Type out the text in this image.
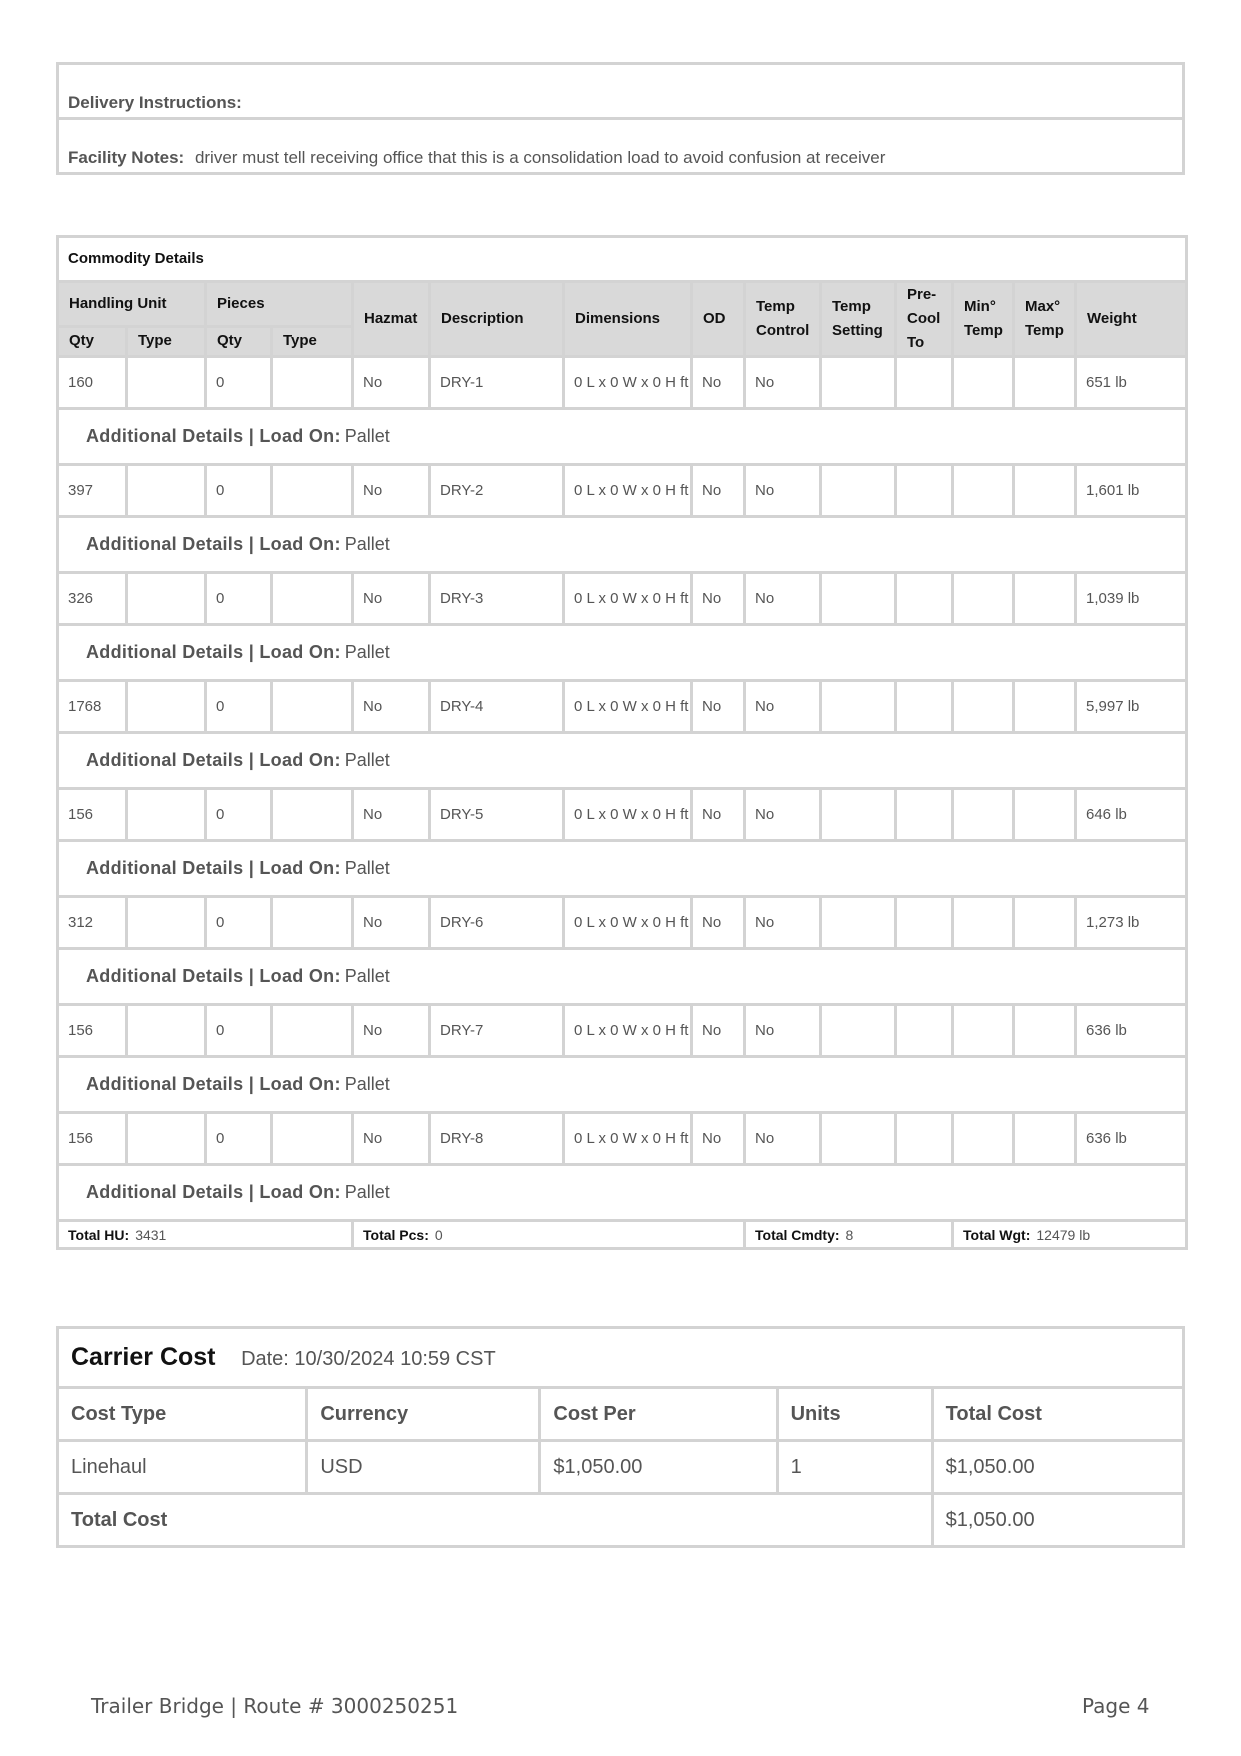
Delivery Instructions:
Facility Notes: driver must tell receiving office that this is a consolidation load to avoid confusion at receiver
Commodity Details													
Handling Unit		Pieces		Hazmat	Description	Dimensions	OD	Temp Control	Temp Setting	Pre-Cool To	Min° Temp	Max° Temp	Weight
Qty	Type	Qty	Type										
160		0		No	DRY-1	0 L x 0 W x 0 H ft	No	No					651 lb
Additional Details | Load On: Pallet													
397		0		No	DRY-2	0 L x 0 W x 0 H ft	No	No					1,601 lb
Additional Details | Load On: Pallet													
326		0		No	DRY-3	0 L x 0 W x 0 H ft	No	No					1,039 lb
Additional Details | Load On: Pallet													
1768		0		No	DRY-4	0 L x 0 W x 0 H ft	No	No					5,997 lb
Additional Details | Load On: Pallet													
156		0		No	DRY-5	0 L x 0 W x 0 H ft	No	No					646 lb
Additional Details | Load On: Pallet													
312		0		No	DRY-6	0 L x 0 W x 0 H ft	No	No					1,273 lb
Additional Details | Load On: Pallet													
156		0		No	DRY-7	0 L x 0 W x 0 H ft	No	No					636 lb
Additional Details | Load On: Pallet													
156		0		No	DRY-8	0 L x 0 W x 0 H ft	No	No					636 lb
Additional Details | Load On: Pallet													
Total HU: 3431				Total Pcs: 0				Total Cmdty: 8			Total Wgt: 12479 lb		
Carrier Cost Date: 10/30/2024 10:59 CST				
Cost Type	Currency	Cost Per	Units	Total Cost
Linehaul	USD	$1,050.00	1	$1,050.00
Total Cost				$1,050.00
Trailer Bridge | Route # 3000250251	Page 4
